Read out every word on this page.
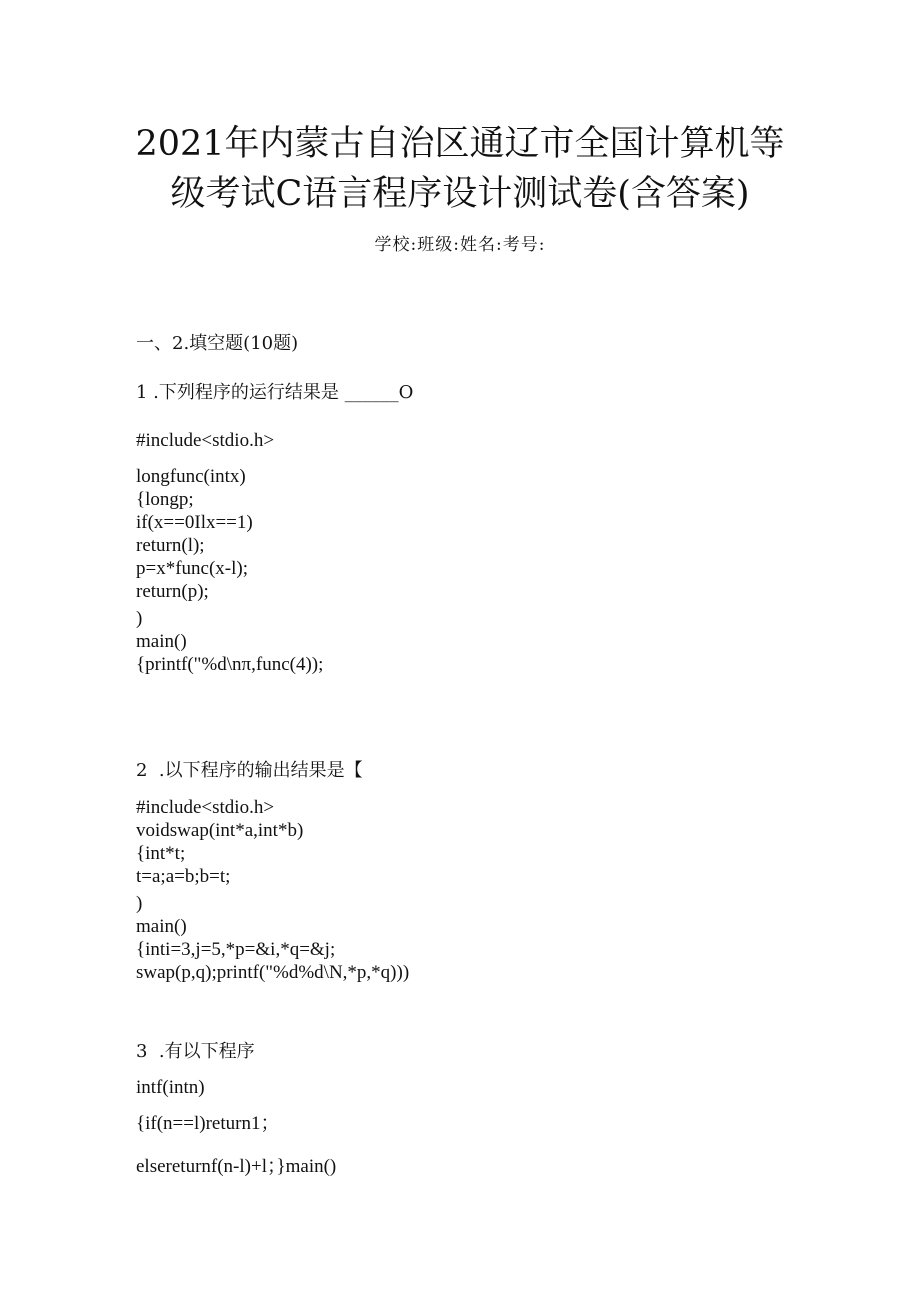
2021年内蒙古自治区通辽市全国计算机等
级考试C语言程序设计测试卷(含答案)
学校:班级:姓名:考号:
一、2.填空题(10题)
1 .下列程序的运行结果是 ______O
#include<stdio.h>
longfunc(intx)
{longp;
if(x==0Ilx==1)
return(l);
p=x*func(x-l);
return(p);
)
main()
{printf("%d\nπ,func(4));
2  .以下程序的输出结果是【
#include<stdio.h>
voidswap(int*a,int*b)
{int*t;
t=a;a=b;b=t;
)
main()
{inti=3,j=5,*p=&i,*q=&j;
swap(p,q);printf("%d%d\N,*p,*q)))
3  .有以下程序
intf(intn)
{if(n==l)return1；
elsereturnf(n-l)+l；}main()
